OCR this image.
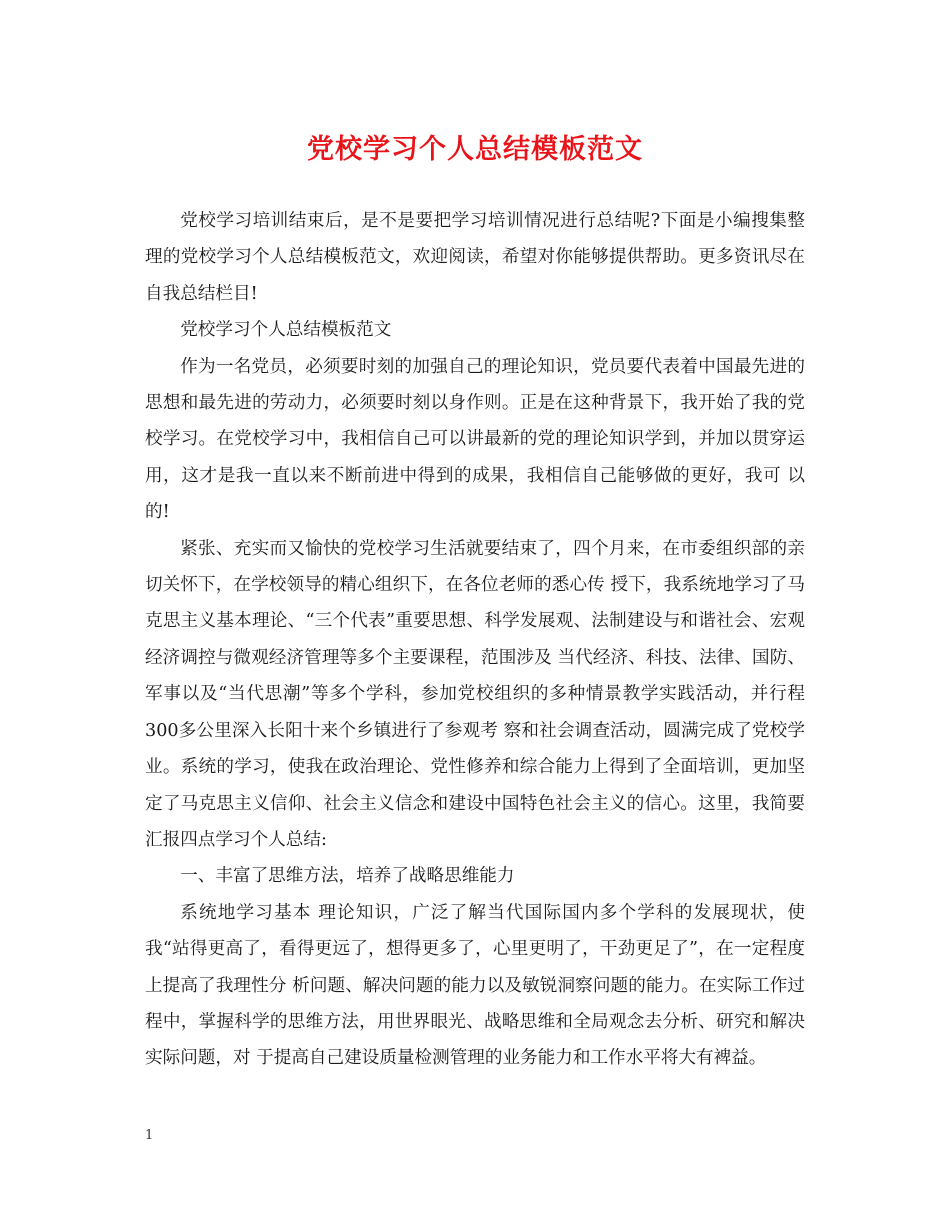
党校学习个人总结模板范文

党校学习培训结束后，是不是要把学习培训情况进行总结呢?下面是小编搜集整理的党校学习个人总结模板范文，欢迎阅读，希望对你能够提供帮助。更多资讯尽在自我总结栏目!

党校学习个人总结模板范文

作为一名党员，必须要时刻的加强自己的理论知识，党员要代表着中国最先进的思想和最先进的劳动力，必须要时刻以身作则。正是在这种背景下，我开始了我的党 校学习。在党校学习中，我相信自己可以讲最新的党的理论知识学到，并加以贯穿运用，这才是我一直以来不断前进中得到的成果，我相信自己能够做的更好，我可 以的!

紧张、充实而又愉快的党校学习生活就要结束了，四个月来，在市委组织部的亲切关怀下，在学校领导的精心组织下，在各位老师的悉心传 授下，我系统地学习了马克思主义基本理论、“三个代表”重要思想、科学发展观、法制建设与和谐社会、宏观经济调控与微观经济管理等多个主要课程，范围涉及 当代经济、科技、法律、国防、军事以及“当代思潮”等多个学科，参加党校组织的多种情景教学实践活动，并行程300多公里深入长阳十来个乡镇进行了参观考 察和社会调查活动，圆满完成了党校学业。系统的学习，使我在政治理论、党性修养和综合能力上得到了全面培训，更加坚定了马克思主义信仰、社会主义信念和建设中国特色社会主义的信心。这里，我简要汇报四点学习个人总结:

一、丰富了思维方法，培养了战略思维能力

系统地学习基本 理论知识，广泛了解当代国际国内多个学科的发展现状，使我“站得更高了，看得更远了，想得更多了，心里更明了，干劲更足了”，在一定程度上提高了我理性分 析问题、解决问题的能力以及敏锐洞察问题的能力。在实际工作过程中，掌握科学的思维方法，用世界眼光、战略思维和全局观念去分析、研究和解决实际问题，对 于提高自己建设质量检测管理的业务能力和工作水平将大有裨益。

1
